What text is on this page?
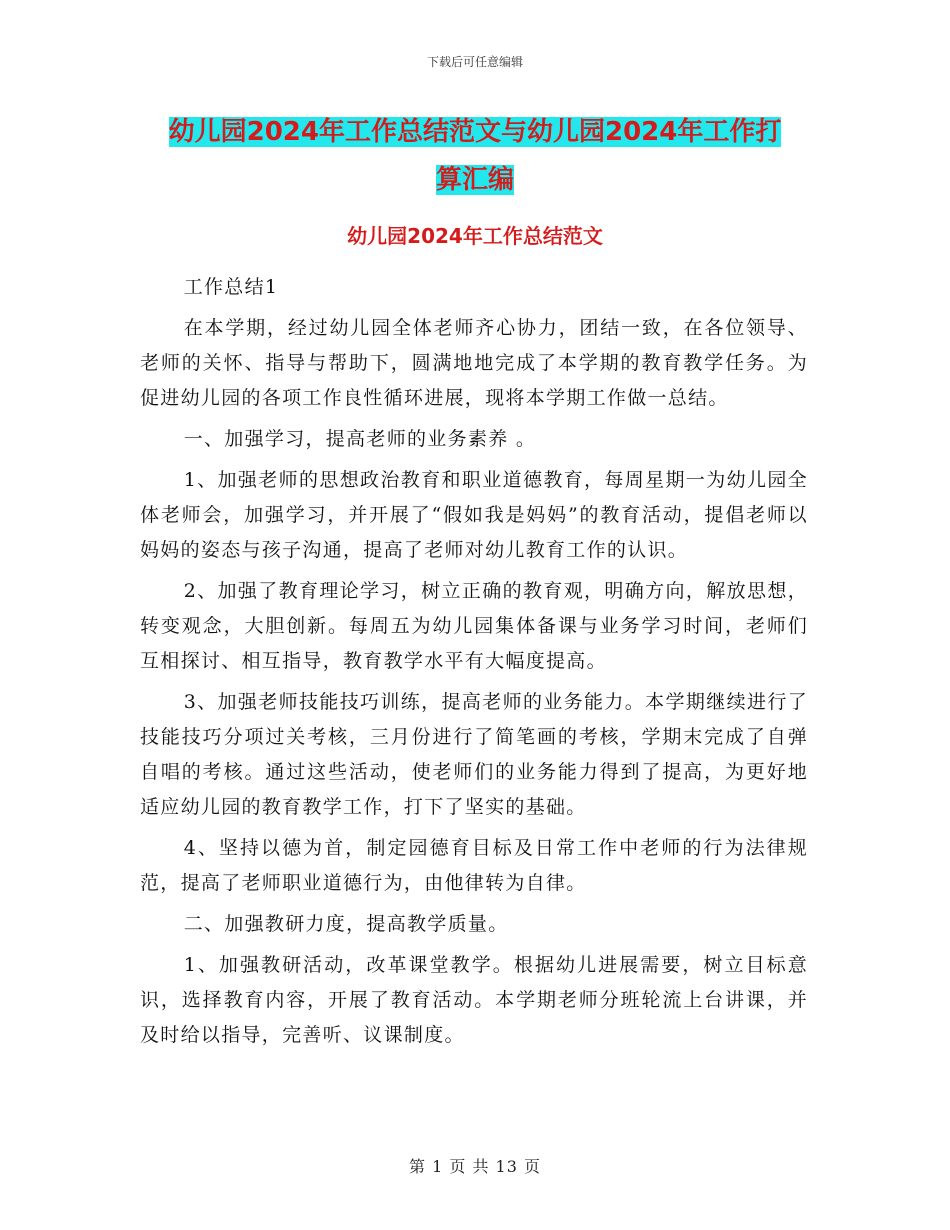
下载后可任意编辑
幼儿园2024年工作总结范文与幼儿园2024年工作打
算汇编
幼儿园2024年工作总结范文

工作总结1

在本学期，经过幼儿园全体老师齐心协力，团结一致，在各位领导、老师的关怀、指导与帮助下，圆满地地完成了本学期的教育教学任务。为促进幼儿园的各项工作良性循环进展，现将本学期工作做一总结。

一、加强学习，提高老师的业务素养 。

1、加强老师的思想政治教育和职业道德教育，每周星期一为幼儿园全体老师会，加强学习，并开展了“假如我是妈妈”的教育活动，提倡老师以妈妈的姿态与孩子沟通，提高了老师对幼儿教育工作的认识。

2、加强了教育理论学习，树立正确的教育观，明确方向，解放思想，转变观念，大胆创新。每周五为幼儿园集体备课与业务学习时间，老师们互相探讨、相互指导，教育教学水平有大幅度提高。

3、加强老师技能技巧训练，提高老师的业务能力。本学期继续进行了技能技巧分项过关考核，三月份进行了简笔画的考核，学期末完成了自弹自唱的考核。通过这些活动，使老师们的业务能力得到了提高，为更好地适应幼儿园的教育教学工作，打下了坚实的基础。

4、坚持以德为首，制定园德育目标及日常工作中老师的行为法律规范，提高了老师职业道德行为，由他律转为自律。

二、加强教研力度，提高教学质量。

1、加强教研活动，改革课堂教学。根据幼儿进展需要，树立目标意识，选择教育内容，开展了教育活动。本学期老师分班轮流上台讲课，并及时给以指导，完善听、议课制度。

第 1 页 共 13 页
